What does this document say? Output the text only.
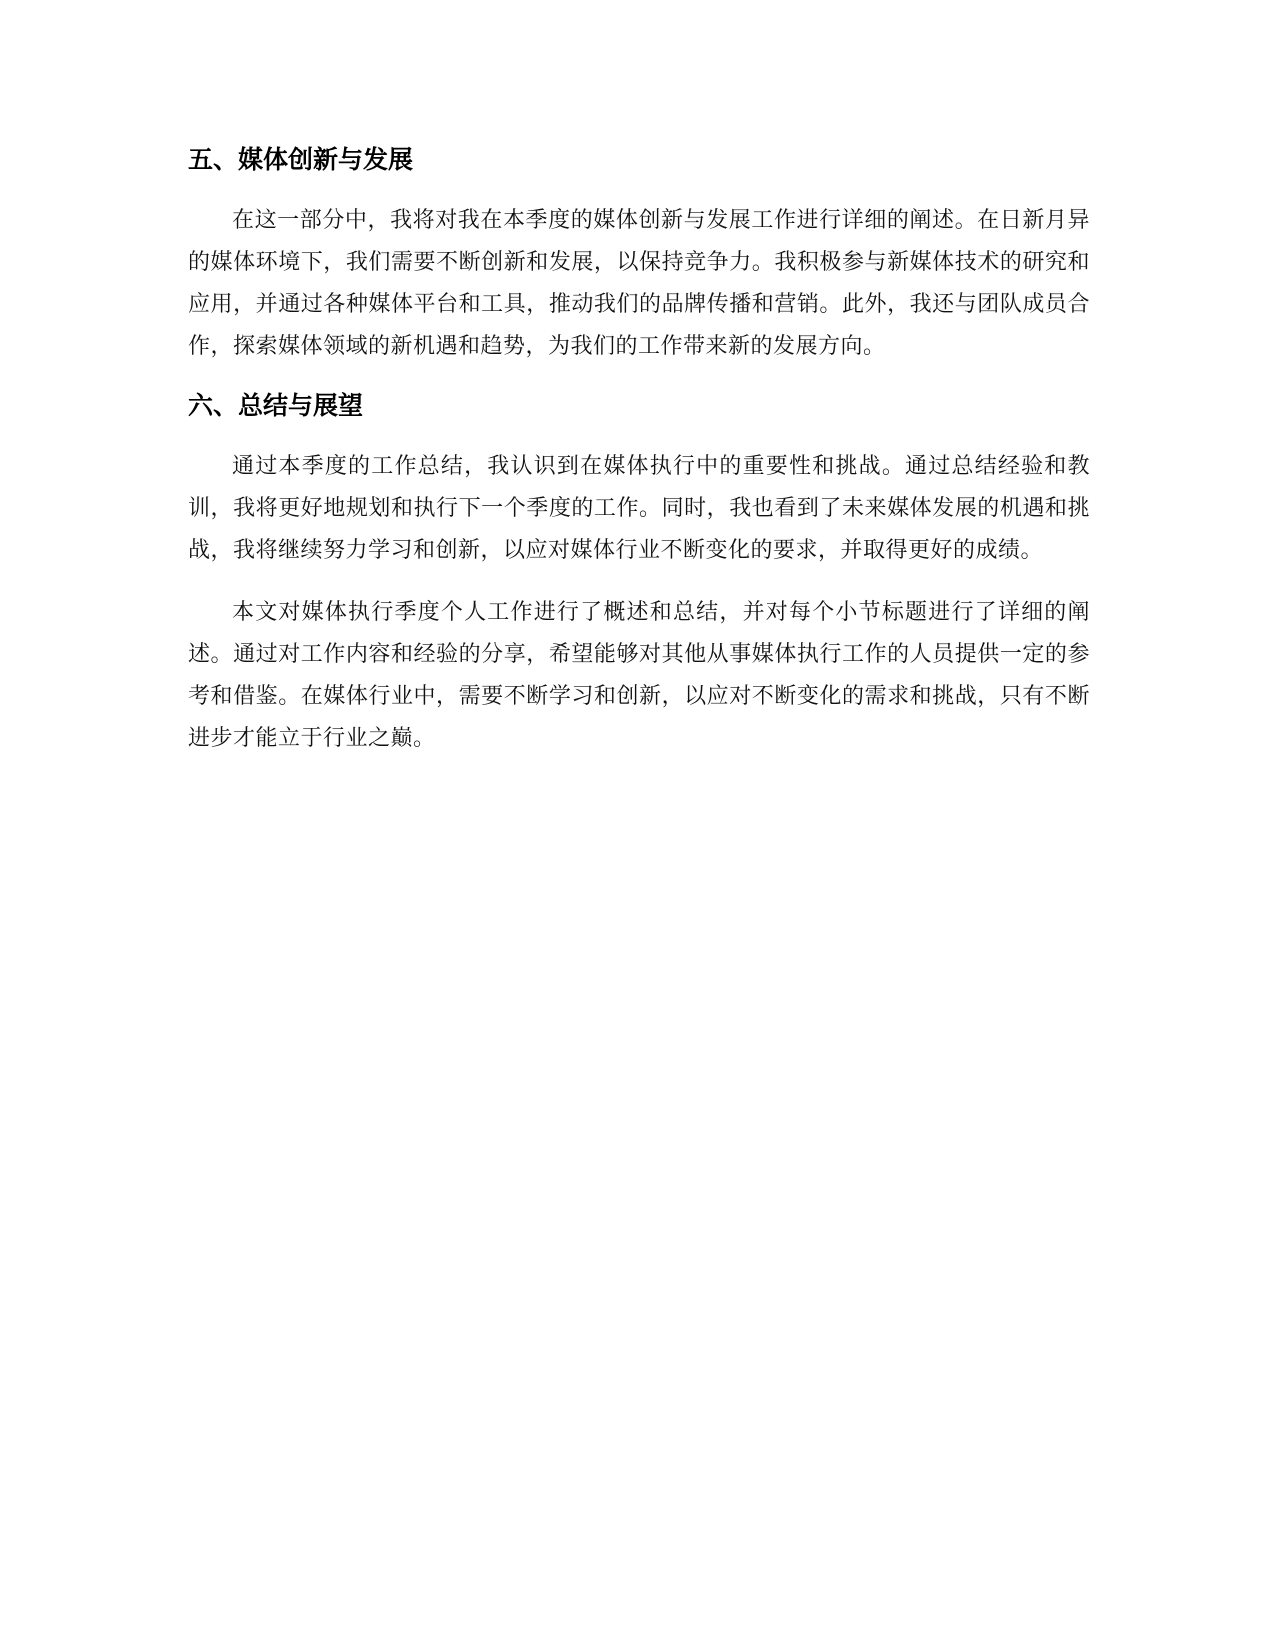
五、媒体创新与发展

在这一部分中，我将对我在本季度的媒体创新与发展工作进行详细的阐述。在日新月异的媒体环境下，我们需要不断创新和发展，以保持竞争力。我积极参与新媒体技术的研究和应用，并通过各种媒体平台和工具，推动我们的品牌传播和营销。此外，我还与团队成员合作，探索媒体领域的新机遇和趋势，为我们的工作带来新的发展方向。

六、总结与展望

通过本季度的工作总结，我认识到在媒体执行中的重要性和挑战。通过总结经验和教训，我将更好地规划和执行下一个季度的工作。同时，我也看到了未来媒体发展的机遇和挑战，我将继续努力学习和创新，以应对媒体行业不断变化的要求，并取得更好的成绩。

本文对媒体执行季度个人工作进行了概述和总结，并对每个小节标题进行了详细的阐述。通过对工作内容和经验的分享，希望能够对其他从事媒体执行工作的人员提供一定的参考和借鉴。在媒体行业中，需要不断学习和创新，以应对不断变化的需求和挑战，只有不断进步才能立于行业之巅。
